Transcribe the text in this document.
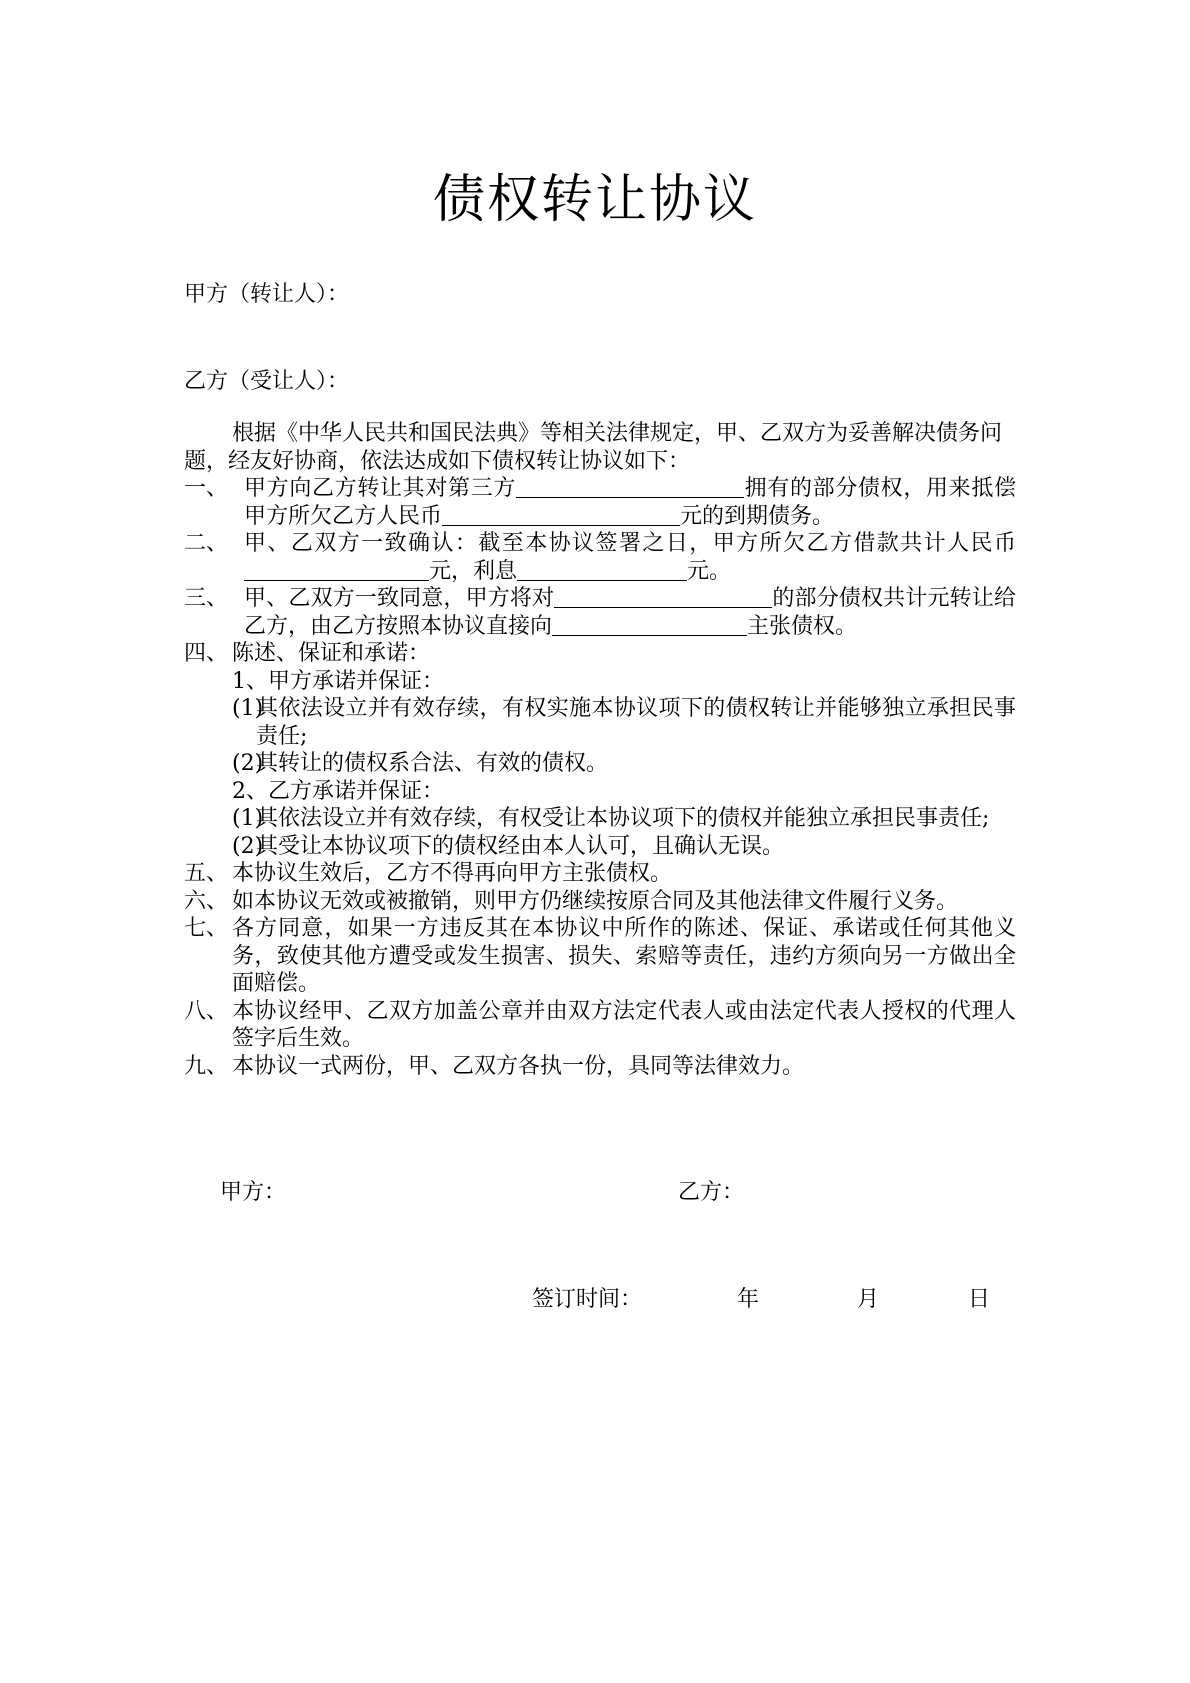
债权转让协议
甲方（转让人）：
乙方（受让人）：

根据《中华人民共和国民法典》等相关法律规定，甲、乙双方为妥善解决债务问题，经友好协商，依法达成如下债权转让协议如下：

一、 甲方向乙方转让其对第三方	拥有的部分债权，用来抵偿甲方所欠乙方人民币	元的到期债务。
二、 甲、乙双方一致确认：截至本协议签署之日，甲方所欠乙方借款共计人民币元，利息	元。
三、 甲、乙双方一致同意，甲方将对	的部分债权共计元转让给乙方，由乙方按照本协议直接向	主张债权。
四、 陈述、保证和承诺：
1、甲方承诺并保证：
(1)
其依法设立并有效存续，有权实施本协议项下的债权转让并能够独立承担民事责任;
(2)
其转让的债权系合法、有效的债权。
2、乙方承诺并保证：
(1)
其依法设立并有效存续，有权受让本协议项下的债权并能独立承担民事责任;
(2)
其受让本协议项下的债权经由本人认可，且确认无误。
五、 本协议生效后，乙方不得再向甲方主张债权。
六、 如本协议无效或被撤销，则甲方仍继续按原合同及其他法律文件履行义务。
七、 各方同意，如果一方违反其在本协议中所作的陈述、保证、承诺或任何其他义务，致使其他方遭受或发生损害、损失、索赔等责任，违约方须向另一方做出全面赔偿。
八、 本协议经甲、乙双方加盖公章并由双方法定代表人或由法定代表人授权的代理人签字后生效。
九、 本协议一式两份，甲、乙双方各执一份，具同等法律效力。
甲方：	乙方：
签订时间：	年	月	日
